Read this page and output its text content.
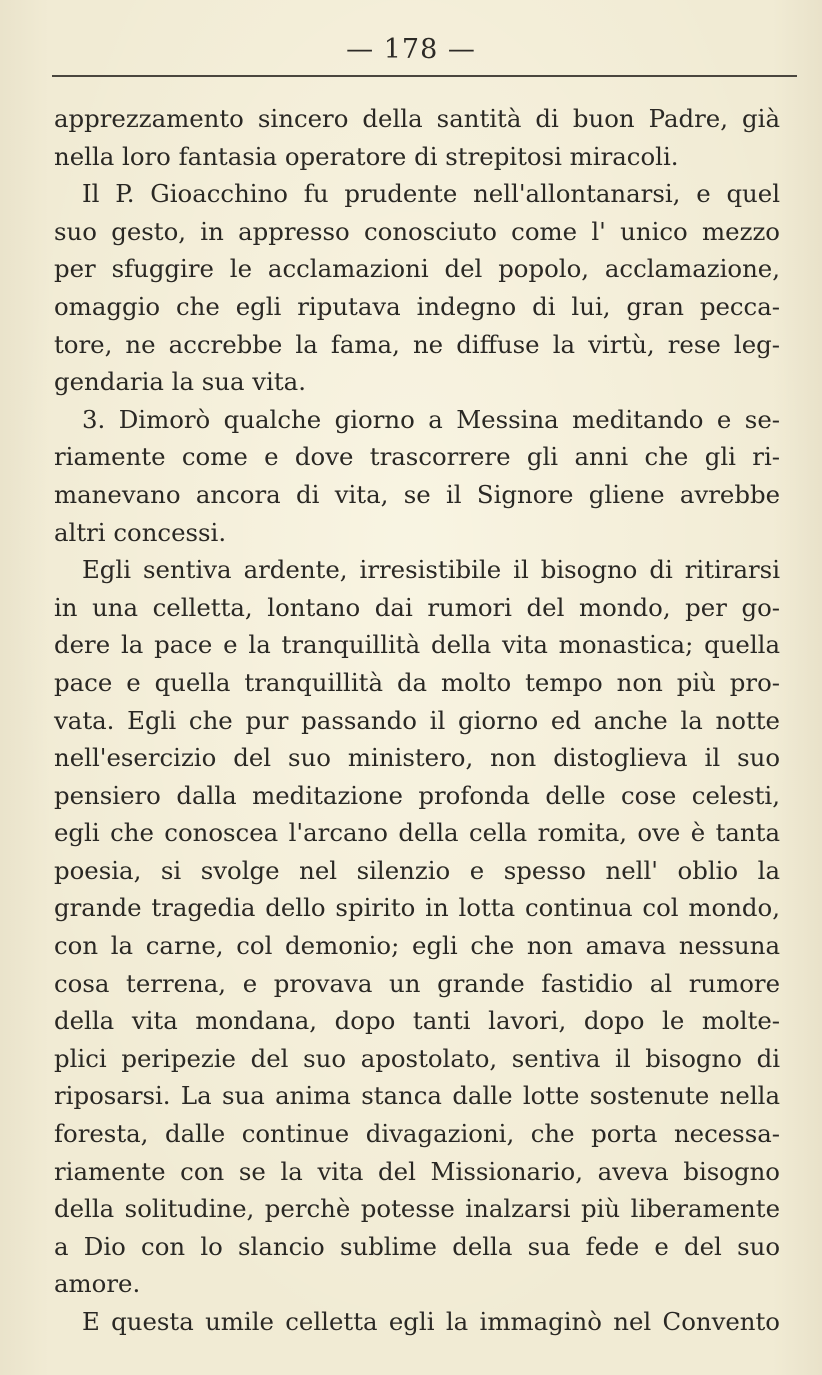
— 178 —
apprezzamento sincero della santità di buon Padre, già
nella loro fantasia operatore di strepitosi miracoli.
Il P. Gioacchino fu prudente nell'allontanarsi, e quel
suo gesto, in appresso conosciuto come l' unico mezzo
per sfuggire le acclamazioni del popolo, acclamazione,
omaggio che egli riputava indegno di lui, gran pecca-
tore, ne accrebbe la fama, ne diffuse la virtù, rese leg-
gendaria la sua vita.
3. Dimorò qualche giorno a Messina meditando e se-
riamente come e dove trascorrere gli anni che gli ri-
manevano ancora di vita, se il Signore gliene avrebbe
altri concessi.
Egli sentiva ardente, irresistibile il bisogno di ritirarsi
in una celletta, lontano dai rumori del mondo, per go-
dere la pace e la tranquillità della vita monastica; quella
pace e quella tranquillità da molto tempo non più pro-
vata. Egli che pur passando il giorno ed anche la notte
nell'esercizio del suo ministero, non distoglieva il suo
pensiero dalla meditazione profonda delle cose celesti,
egli che conoscea l'arcano della cella romita, ove è tanta
poesia, si svolge nel silenzio e spesso nell' oblio la
grande tragedia dello spirito in lotta continua col mondo,
con la carne, col demonio; egli che non amava nessuna
cosa terrena, e provava un grande fastidio al rumore
della vita mondana, dopo tanti lavori, dopo le molte-
plici peripezie del suo apostolato, sentiva il bisogno di
riposarsi. La sua anima stanca dalle lotte sostenute nella
foresta, dalle continue divagazioni, che porta necessa-
riamente con se la vita del Missionario, aveva bisogno
della solitudine, perchè potesse inalzarsi più liberamente
a Dio con lo slancio sublime della sua fede e del suo
amore.
E questa umile celletta egli la immaginò nel Convento
